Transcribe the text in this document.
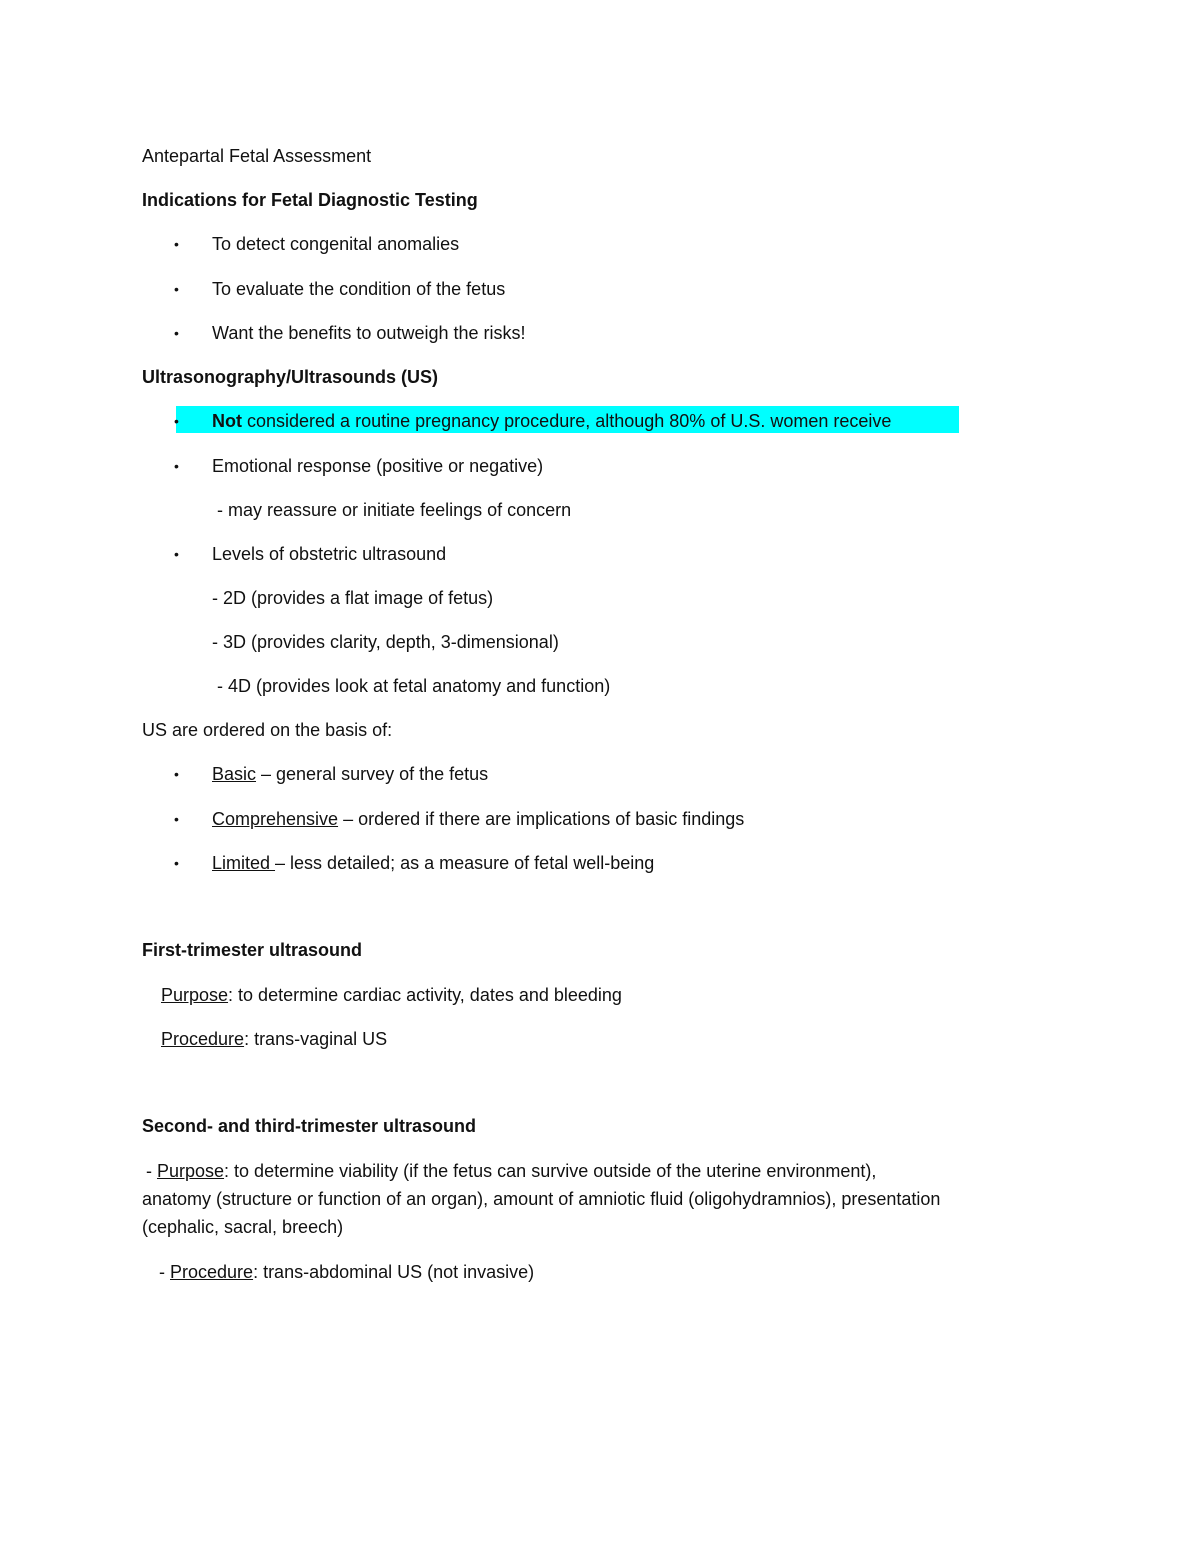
Antepartal Fetal Assessment
Indications for Fetal Diagnostic Testing
• To detect congenital anomalies
• To evaluate the condition of the fetus
• Want the benefits to outweigh the risks!
Ultrasonography/Ultrasounds (US)
• Not considered a routine pregnancy procedure, although 80% of U.S. women receive
• Emotional response (positive or negative)
- may reassure or initiate feelings of concern
• Levels of obstetric ultrasound
- 2D (provides a flat image of fetus)
- 3D (provides clarity, depth, 3-dimensional)
- 4D (provides look at fetal anatomy and function)
US are ordered on the basis of:
• Basic – general survey of the fetus
• Comprehensive – ordered if there are implications of basic findings
• Limited – less detailed; as a measure of fetal well-being
First-trimester ultrasound
Purpose: to determine cardiac activity, dates and bleeding
Procedure: trans-vaginal US
Second- and third-trimester ultrasound
- Purpose: to determine viability (if the fetus can survive outside of the uterine environment),
anatomy (structure or function of an organ), amount of amniotic fluid (oligohydramnios), presentation
(cephalic, sacral, breech)
- Procedure: trans-abdominal US (not invasive)
